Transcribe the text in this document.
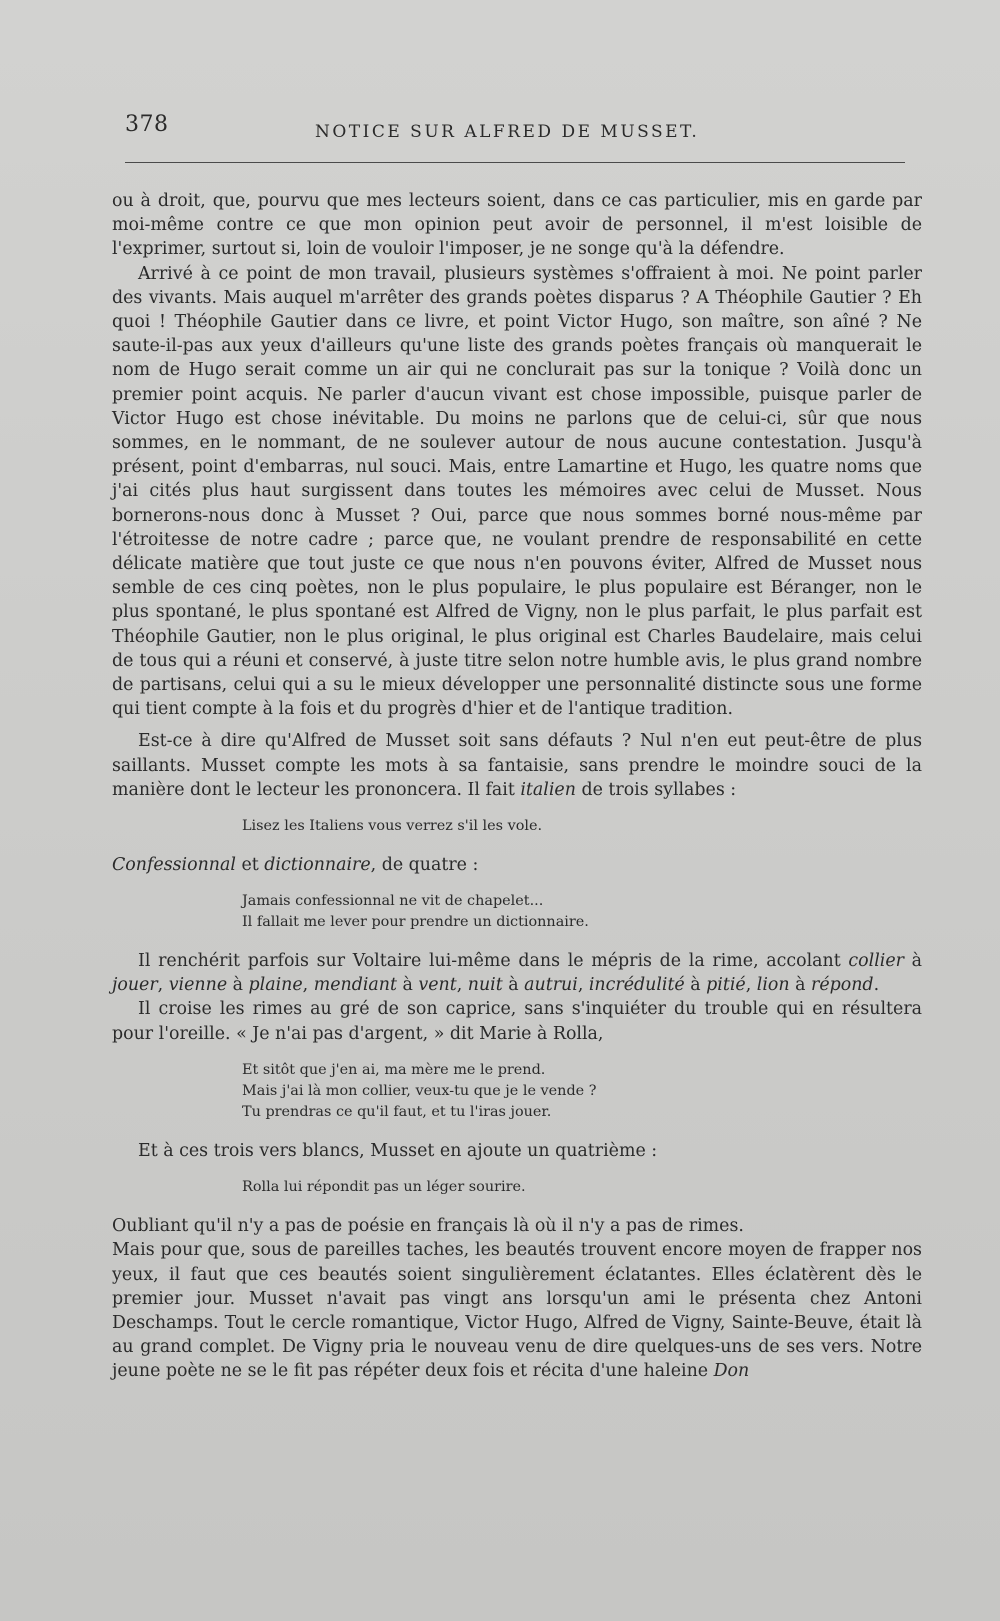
378	NOTICE SUR ALFRED DE MUSSET.

ou à droit, que, pourvu que mes lecteurs soient, dans ce cas particulier, mis en garde par moi-même contre ce que mon opinion peut avoir de personnel, il m'est loisible de l'exprimer, surtout si, loin de vouloir l'imposer, je ne songe qu'à la défendre.

Arrivé à ce point de mon travail, plusieurs systèmes s'offraient à moi. Ne point parler des vivants. Mais auquel m'arrêter des grands poètes disparus ? A Théophile Gautier ? Eh quoi ! Théophile Gautier dans ce livre, et point Victor Hugo, son maître, son aîné ? Ne saute-il-pas aux yeux d'ailleurs qu'une liste des grands poètes français où manquerait le nom de Hugo serait comme un air qui ne conclurait pas sur la tonique ? Voilà donc un premier point acquis. Ne parler d'aucun vivant est chose impossible, puisque parler de Victor Hugo est chose inévitable. Du moins ne parlons que de celui-ci, sûr que nous sommes, en le nommant, de ne soulever autour de nous aucune contestation. Jusqu'à présent, point d'embarras, nul souci. Mais, entre Lamartine et Hugo, les quatre noms que j'ai cités plus haut surgissent dans toutes les mémoires avec celui de Musset. Nous bornerons-nous donc à Musset ? Oui, parce que nous sommes borné nous-même par l'étroitesse de notre cadre ; parce que, ne voulant prendre de responsabilité en cette délicate matière que tout juste ce que nous n'en pouvons éviter, Alfred de Musset nous semble de ces cinq poètes, non le plus populaire, le plus populaire est Béranger, non le plus spontané, le plus spontané est Alfred de Vigny, non le plus parfait, le plus parfait est Théophile Gautier, non le plus original, le plus original est Charles Baudelaire, mais celui de tous qui a réuni et conservé, à juste titre selon notre humble avis, le plus grand nombre de partisans, celui qui a su le mieux développer une personnalité distincte sous une forme qui tient compte à la fois et du progrès d'hier et de l'antique tradition.

Est-ce à dire qu'Alfred de Musset soit sans défauts ? Nul n'en eut peut-être de plus saillants. Musset compte les mots à sa fantaisie, sans prendre le moindre souci de la manière dont le lecteur les prononcera. Il fait italien de trois syllabes :

Lisez les Italiens vous verrez s'il les vole.

Confessionnal et dictionnaire, de quatre :

Jamais confessionnal ne vit de chapelet...
Il fallait me lever pour prendre un dictionnaire.

Il renchérit parfois sur Voltaire lui-même dans le mépris de la rime, accolant collier à jouer, vienne à plaine, mendiant à vent, nuit à autrui, incrédulité à pitié, lion à répond.

Il croise les rimes au gré de son caprice, sans s'inquiéter du trouble qui en résultera pour l'oreille. « Je n'ai pas d'argent, » dit Marie à Rolla,

Et sitôt que j'en ai, ma mère me le prend.
Mais j'ai là mon collier, veux-tu que je le vende ?
Tu prendras ce qu'il faut, et tu l'iras jouer.

Et à ces trois vers blancs, Musset en ajoute un quatrième :

Rolla lui répondit pas un léger sourire.

Oubliant qu'il n'y a pas de poésie en français là où il n'y a pas de rimes.

Mais pour que, sous de pareilles taches, les beautés trouvent encore moyen de frapper nos yeux, il faut que ces beautés soient singulièrement éclatantes. Elles éclatèrent dès le premier jour. Musset n'avait pas vingt ans lorsqu'un ami le présenta chez Antoni Deschamps. Tout le cercle romantique, Victor Hugo, Alfred de Vigny, Sainte-Beuve, était là au grand complet. De Vigny pria le nouveau venu de dire quelques-uns de ses vers. Notre jeune poète ne se le fit pas répéter deux fois et récita d'une haleine Don
